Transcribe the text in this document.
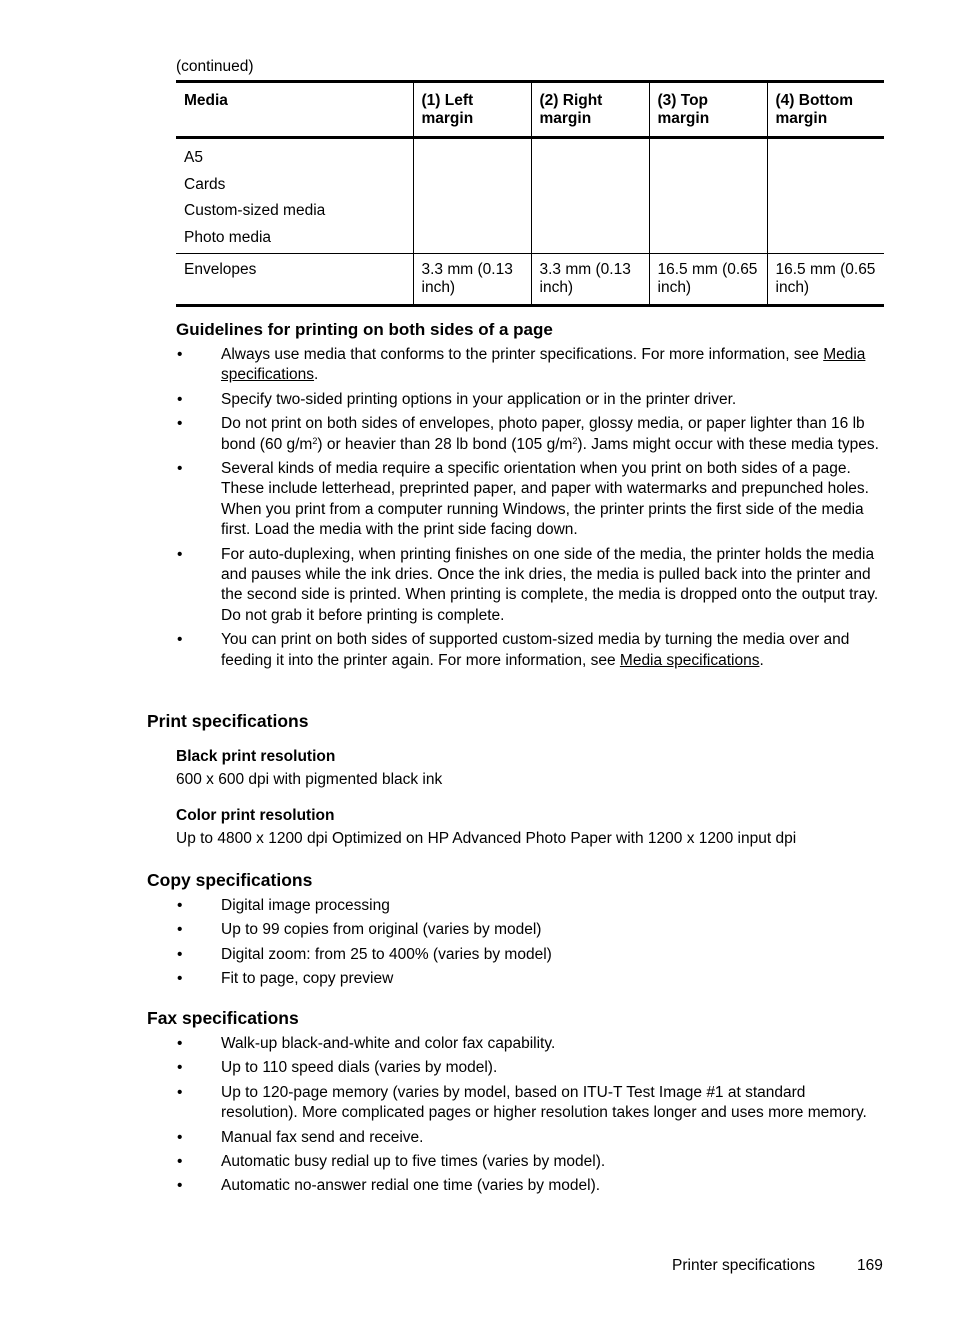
(continued)
Media	(1) Left margin	(2) Right margin	(3) Top margin	(4) Bottom margin

A5
Cards
Custom-sized media
Photo media				

Envelopes	3.3 mm (0.13 inch)	3.3 mm (0.13 inch)	16.5 mm (0.65 inch)	16.5 mm (0.65 inch)
Guidelines for printing on both sides of a page
• Always use media that conforms to the printer specifications. For more information, see Media specifications.
• Specify two-sided printing options in your application or in the printer driver.
• Do not print on both sides of envelopes, photo paper, glossy media, or paper lighter than 16 lb bond (60 $g/m^2$) or heavier than 28 lb bond (105 $g/m^2$). Jams might occur with these media types.
• Several kinds of media require a specific orientation when you print on both sides of a page. These include letterhead, preprinted paper, and paper with watermarks and prepunched holes. When you print from a computer running Windows, the printer prints the first side of the media first. Load the media with the print side facing down.
• For auto-duplexing, when printing finishes on one side of the media, the printer holds the media and pauses while the ink dries. Once the ink dries, the media is pulled back into the printer and the second side is printed. When printing is complete, the media is dropped onto the output tray. Do not grab it before printing is complete.
• You can print on both sides of supported custom-sized media by turning the media over and feeding it into the printer again. For more information, see Media specifications.
Print specifications
Black print resolution

600 x 600 dpi with pigmented black ink

Color print resolution

Up to 4800 x 1200 dpi Optimized on HP Advanced Photo Paper with 1200 x 1200 input dpi

Copy specifications
• Digital image processing
• Up to 99 copies from original (varies by model)
• Digital zoom: from 25 to 400% (varies by model)
• Fit to page, copy preview
Fax specifications
• Walk-up black-and-white and color fax capability.
• Up to 110 speed dials (varies by model).
• Up to 120-page memory (varies by model, based on ITU-T Test Image #1 at standard resolution). More complicated pages or higher resolution takes longer and uses more memory.
• Manual fax send and receive.
• Automatic busy redial up to five times (varies by model).
• Automatic no-answer redial one time (varies by model).
Printer specifications	169
